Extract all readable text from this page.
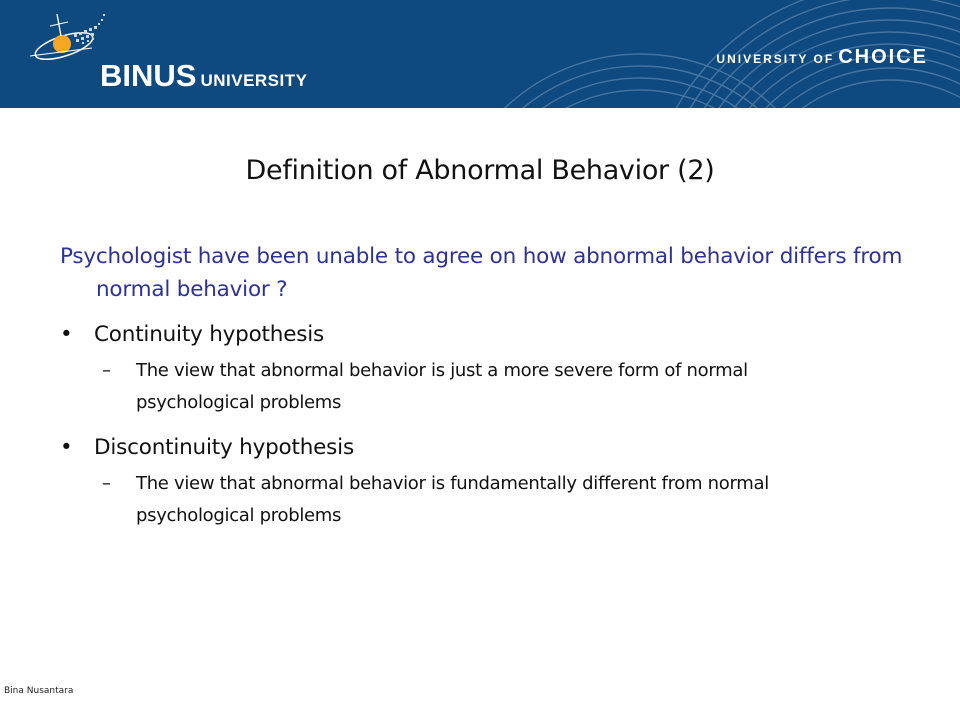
BINUS UNIVERSITY
UNIVERSITY OF CHOICE
Definition of Abnormal Behavior (2)
Psychologist have been unable to agree on how abnormal behavior differs from normal behavior ?
• Continuity hypothesis
– The view that abnormal behavior is just a more severe form of normal psychological problems
• Discontinuity hypothesis
– The view that abnormal behavior is fundamentally different from normal psychological problems
Bina Nusantara
